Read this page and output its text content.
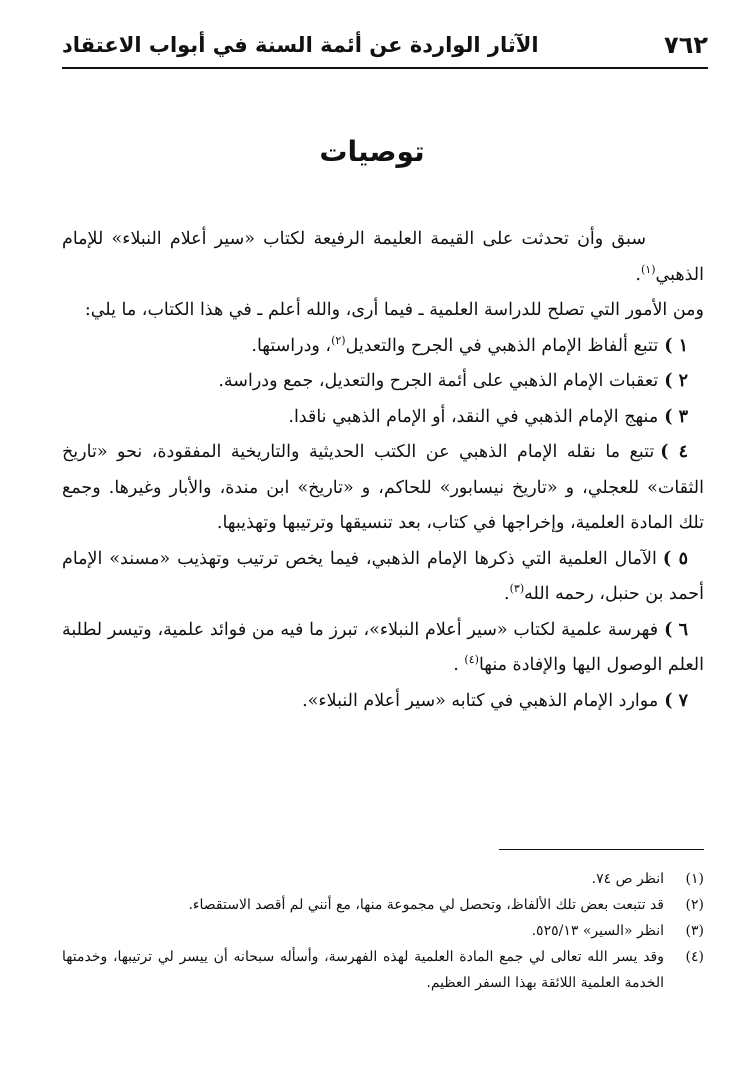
٧٦٢
الآثار الواردة عن أئمة السنة في أبواب الاعتقاد
توصيات

سبق وأن تحدثت على القيمة العليمة الرفيعة لكتاب «سير أعلام النبلاء» للإمام الذهبي$^{(١)}$.

ومن الأمور التي تصلح للدراسة العلمية ـ فيما أرى، والله أعلم ـ في هذا الكتاب، ما يلي:

١ )تتبع ألفاظ الإمام الذهبي في الجرح والتعديل$^{(٢)}$، ودراستها.

٢ )تعقبات الإمام الذهبي على أئمة الجرح والتعديل، جمع ودراسة.

٣ )منهج الإمام الذهبي في النقد، أو الإمام الذهبي ناقدا.

٤ )تتبع ما نقله الإمام الذهبي عن الكتب الحديثية والتاريخية المفقودة، نحو «تاريخ الثقات» للعجلي، و «تاريخ نيسابور» للحاكم، و «تاريخ» ابن مندة، والأبار وغيرها. وجمع تلك المادة العلمية، وإخراجها في كتاب، بعد تنسيقها وترتيبها وتهذيبها.

٥ )الآمال العلمية التي ذكرها الإمام الذهبي، فيما يخص ترتيب وتهذيب «مسند» الإمام أحمد بن حنبل، رحمه الله$^{(٣)}$.

٦ )فهرسة علمية لكتاب «سير أعلام النبلاء»، تبرز ما فيه من فوائد علمية، وتيسر لطلبة العلم الوصول اليها والإفادة منها$^{(٤)}$ .

٧ )موارد الإمام الذهبي في كتابه «سير أعلام النبلاء».

(١)
انظر ص ٧٤.
(٢)
قد تتبعت بعض تلك الألفاظ، وتحصل لي مجموعة منها، مع أنني لم أقصد الاستقصاء.
(٣)
انظر «السير» ٥٢٥/١٣.
(٤)
وقد يسر الله تعالى لي جمع المادة العلمية لهذه الفهرسة، وأسأله سبحانه أن ييسر لي ترتيبها، وخدمتها الخدمة العلمية اللائقة بهذا السفر العظيم.
